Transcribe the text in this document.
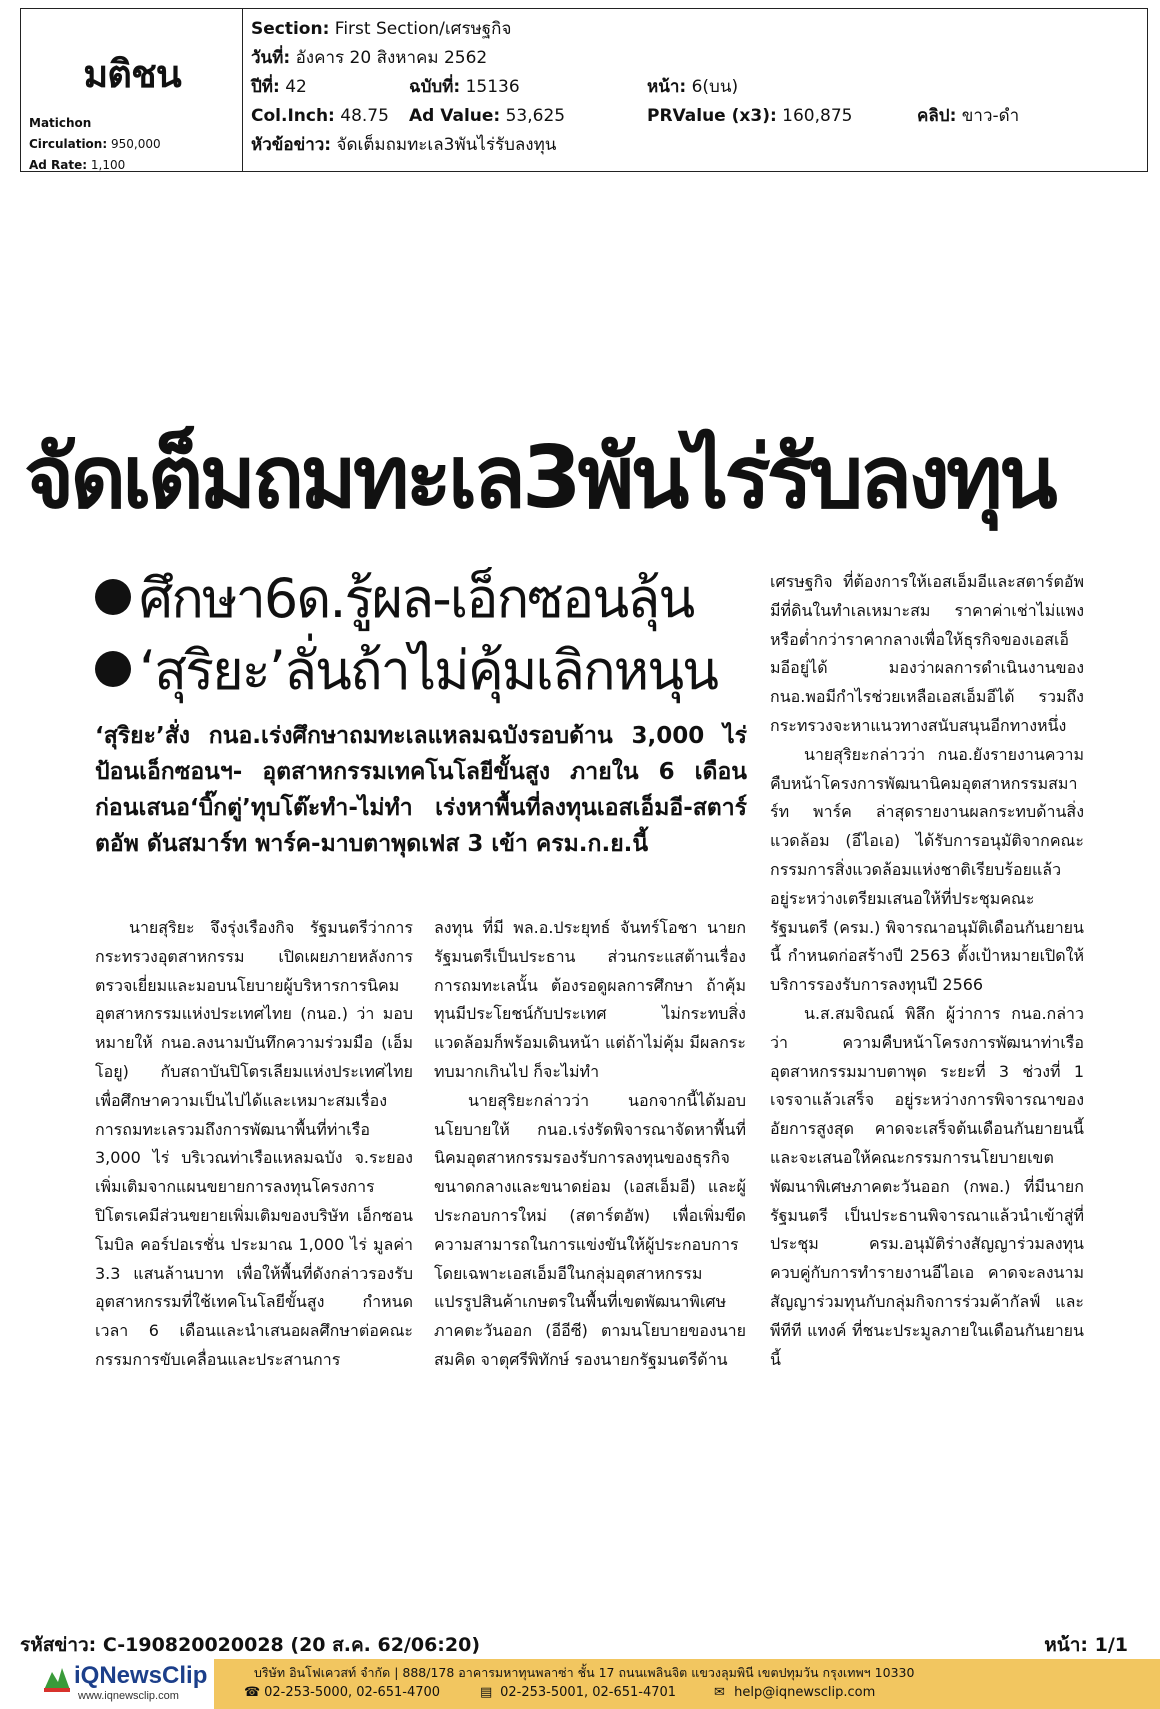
มติชน
Matichon
Circulation: 950,000
Ad Rate: 1,100
Section: First Section/เศรษฐกิจ
วันที่: อังคาร 20 สิงหาคม 2562
ปีที่: 42	ฉบับที่: 15136	หน้า: 6(บน)
Col.Inch: 48.75 Ad Value: 53,625	PRValue (x3): 160,875	คลิป: ขาว-ดำ
หัวข้อข่าว: จัดเต็มถมทะเล3พันไร่รับลงทุน
จัดเต็มถมทะเล3พันไร่รับลงทุน
ศึกษา6ด.รู้ผล-เอ็กซอนลุ้น
‘สุริยะ’ลั่นถ้าไม่คุ้มเลิกหนุน
‘สุริยะ’สั่ง กนอ.เร่งศึกษาถมทะเลแหลมฉบังรอบด้าน 3,000 ไร่ ป้อนเอ็กซอนฯ- อุตสาหกรรมเทคโนโลยีขั้นสูง ภายใน 6 เดือน ก่อนเสนอ‘บิ๊กตู่’ทุบโต๊ะทำ-ไม่ทำ เร่งหาพื้นที่ลงทุนเอสเอ็มอี-สตาร์ตอัพ ดันสมาร์ท พาร์ค-มาบตาพุดเฟส 3 เข้า ครม.ก.ย.นี้

นายสุริยะ จึงรุ่งเรืองกิจ รัฐมนตรีว่าการกระทรวงอุตสาหกรรม เปิดเผยภายหลังการตรวจเยี่ยมและมอบนโยบายผู้บริหารการนิคมอุตสาหกรรมแห่งประเทศไทย (กนอ.) ว่า มอบหมายให้ กนอ.ลงนามบันทึกความร่วมมือ (เอ็มโอยู) กับสถาบันปิโตรเลียมแห่งประเทศไทย เพื่อศึกษาความเป็นไปได้และเหมาะสมเรื่องการถมทะเลรวมถึงการพัฒนาพื้นที่ท่าเรือ 3,000 ไร่ บริเวณท่าเรือแหลมฉบัง จ.ระยอง เพิ่มเติมจากแผนขยายการลงทุนโครงการปิโตรเคมีส่วนขยายเพิ่มเติมของบริษัท เอ็กซอน โมบิล คอร์ปอเรชั่น ประมาณ 1,000 ไร่ มูลค่า 3.3 แสนล้านบาท เพื่อให้พื้นที่ดังกล่าวรองรับอุตสาหกรรมที่ใช้เทคโนโลยีขั้นสูง กำหนดเวลา 6 เดือนและนำเสนอผลศึกษาต่อคณะกรรมการขับเคลื่อนและประสานการ

ลงทุน ที่มี พล.อ.ประยุทธ์ จันทร์โอชา นายกรัฐมนตรีเป็นประธาน ส่วนกระแสต้านเรื่องการถมทะเลนั้น ต้องรอดูผลการศึกษา ถ้าคุ้มทุนมีประโยชน์กับประเทศ ไม่กระทบสิ่งแวดล้อมก็พร้อมเดินหน้า แต่ถ้าไม่คุ้ม มีผลกระทบมากเกินไป ก็จะไม่ทำ

นายสุริยะกล่าวว่า นอกจากนี้ได้มอบนโยบายให้ กนอ.เร่งรัดพิจารณาจัดหาพื้นที่นิคมอุตสาหกรรมรองรับการลงทุนของธุรกิจขนาดกลางและขนาดย่อม (เอสเอ็มอี) และผู้ประกอบการใหม่ (สตาร์ตอัพ) เพื่อเพิ่มขีดความสามารถในการแข่งขันให้ผู้ประกอบการ โดยเฉพาะเอสเอ็มอีในกลุ่มอุตสาหกรรมแปรรูปสินค้าเกษตรในพื้นที่เขตพัฒนาพิเศษภาคตะวันออก (อีอีซี) ตามนโยบายของนายสมคิด จาตุศรีพิทักษ์ รองนายกรัฐมนตรีด้าน

เศรษฐกิจ ที่ต้องการให้เอสเอ็มอีและสตาร์ตอัพมีที่ดินในทำเลเหมาะสม ราคาค่าเช่าไม่แพงหรือต่ำกว่าราคากลางเพื่อให้ธุรกิจของเอสเอ็มอีอยู่ได้ มองว่าผลการดำเนินงานของ กนอ.พอมีกำไรช่วยเหลือเอสเอ็มอีได้ รวมถึงกระทรวงจะหาแนวทางสนับสนุนอีกทางหนึ่ง

นายสุริยะกล่าวว่า กนอ.ยังรายงานความคืบหน้าโครงการพัฒนานิคมอุตสาหกรรมสมาร์ท พาร์ค ล่าสุดรายงานผลกระทบด้านสิ่งแวดล้อม (อีไอเอ) ได้รับการอนุมัติจากคณะกรรมการสิ่งแวดล้อมแห่งชาติเรียบร้อยแล้ว อยู่ระหว่างเตรียมเสนอให้ที่ประชุมคณะรัฐมนตรี (ครม.) พิจารณาอนุมัติเดือนกันยายนนี้ กำหนดก่อสร้างปี 2563 ตั้งเป้าหมายเปิดให้บริการรองรับการลงทุนปี 2566

น.ส.สมจิณณ์ พิลึก ผู้ว่าการ กนอ.กล่าวว่า ความคืบหน้าโครงการพัฒนาท่าเรืออุตสาหกรรมมาบตาพุด ระยะที่ 3 ช่วงที่ 1 เจรจาแล้วเสร็จ อยู่ระหว่างการพิจารณาของอัยการสูงสุด คาดจะเสร็จต้นเดือนกันยายนนี้ และจะเสนอให้คณะกรรมการนโยบายเขตพัฒนาพิเศษภาคตะวันออก (กพอ.) ที่มีนายกรัฐมนตรี เป็นประธานพิจารณาแล้วนำเข้าสู่ที่ประชุม ครม.อนุมัติร่างสัญญาร่วมลงทุน ควบคู่กับการทำรายงานอีไอเอ คาดจะลงนามสัญญาร่วมทุนกับกลุ่มกิจการร่วมค้ากัลฟ์ และพีทีที แทงค์ ที่ชนะประมูลภายในเดือนกันยายนนี้

รหัสข่าว: C-190820020028 (20 ส.ค. 62/06:20)	หน้า: 1/1
iQNewsClip
www.iqnewsclip.com
บริษัท อินโฟเควสท์ จำกัด | 888/178 อาคารมหาทุนพลาซ่า ชั้น 17 ถนนเพลินจิต แขวงลุมพินี เขตปทุมวัน กรุงเทพฯ 10330
☎ 02-253-5000, 02-651-4700	▤ 02-253-5001, 02-651-4701	✉ help@iqnewsclip.com
